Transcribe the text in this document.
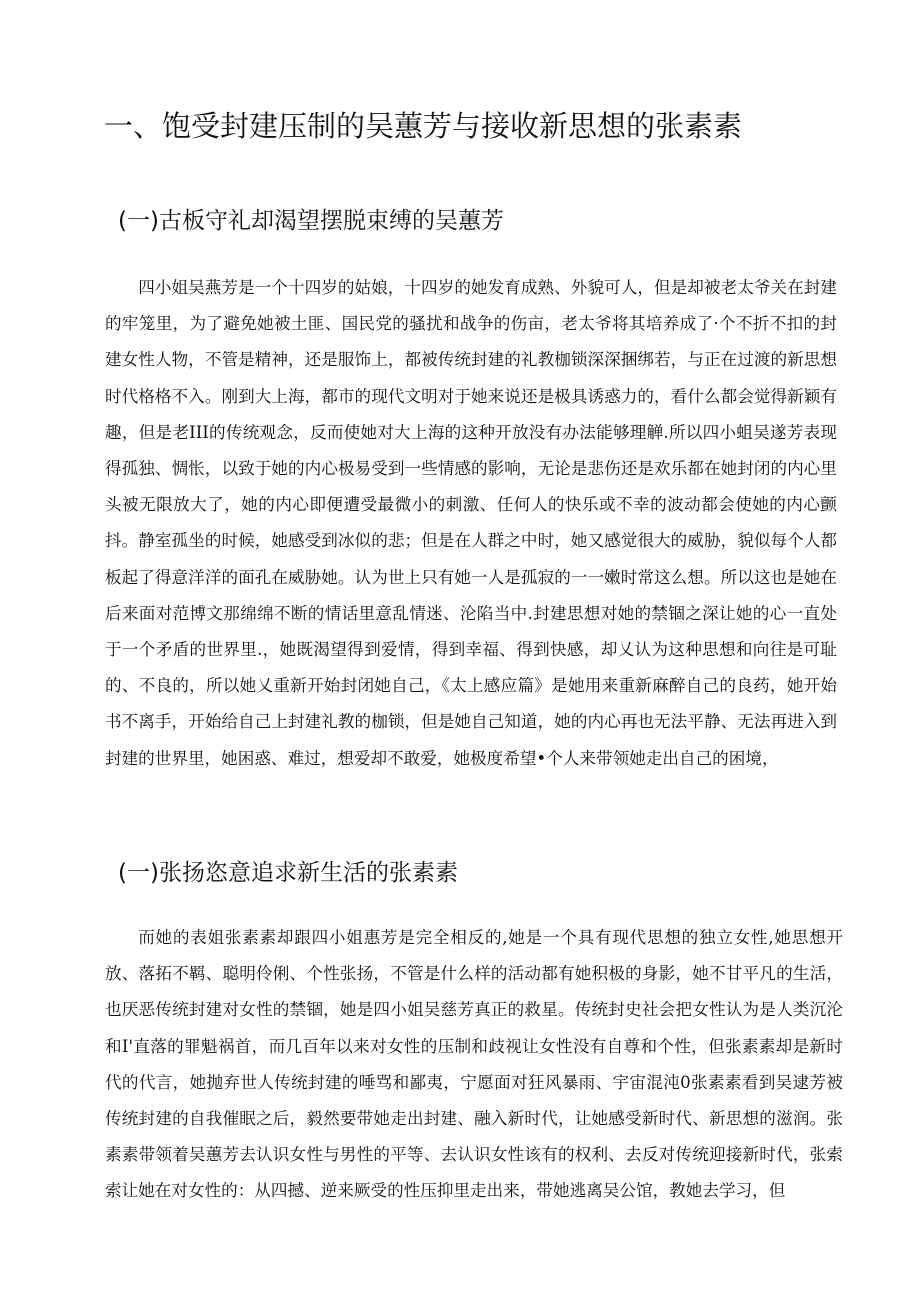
一、饱受封建压制的吴蕙芳与接收新思想的张素素
(一)古板守礼却渴望摆脱束缚的吴蕙芳

四小姐吴燕芳是一个十四岁的姑娘，十四岁的她发育成熟、外貌可人，但是却被老太爷关在封建的牢笼里，为了避免她被土匪、国民党的骚扰和战争的伤亩，老太爷将其培养成了·个不折不扣的封建女性人物，不管是精神，还是服饰上，都被传统封建的礼教枷锁深深捆绑若，与正在过渡的新思想时代格格不入。刚到大上海，都市的现代文明对于她来说还是极具诱惑力的，看什么都会觉得新颖有趣，但是老III的传统观念，反而使她对大上海的这种开放没有办法能够理觯.所以四小蛆吴遂芳表现得孤独、惆怅，以致于她的内心极易受到一些情感的影响，无论是悲伤还是欢乐都在她封闭的内心里头被无限放大了，她的内心即便遭受最微小的刺激、任何人的快乐或不幸的波动都会使她的内心颤抖。静室孤坐的时候，她感受到冰似的悲；但是在人群之中时，她又感觉很大的威胁，貌似每个人都板起了得意洋洋的面孔在威胁她。认为世上只有她一人是孤寂的一一嫩时常这么想。所以这也是她在后来面对范博文那绵绵不断的情话里意乱情迷、沦陷当中.封建思想对她的禁锢之深让她的心一直处于一个矛盾的世界里.，她既渴望得到爱情，得到幸福、得到快感，却乂认为这种思想和向往是可耻的、不良的，所以她乂重新开始封闭她自己，《太上感应篇》是她用来重新麻醉自己的良药，她开始书不离手，开始给自己上封建礼教的枷锁，但是她自己知道，她的内心再也无法平静、无法再进入到封建的世界里，她困惑、难过，想爱却不敢爱，她极度希望•个人来带领她走出自己的困境，

(一)张扬恣意追求新生活的张素素

而她的表姐张素素却跟四小姐惠芳是完全相反的,她是一个具有现代思想的独立女性,她思想开放、落拓不羁、聪明伶俐、个性张扬，不管是什么样的活动都有她积极的身影，她不甘平凡的生活，也厌恶传统封建对女性的禁锢，她是四小姐吴慈芳真正的救星。传统封史社会把女性认为是人类沉沦和I'直落的罪魁祸首，而几百年以来对女性的压制和歧视让女性没有自尊和个性，但张素素却是新时代的代言，她抛弃世人传统封建的唾骂和鄙夷，宁愿面对狂风暴雨、宇宙混沌0张素素看到吴逮芳被传统封建的自我催眠之后，毅然要带她走出封建、融入新时代，让她感受新时代、新思想的滋润。张素素带领着吴蕙芳去认识女性与男性的平等、去认识女性该有的权利、去反对传统迎接新时代，张索索让她在对女性的：从四撼、逆来厥受的性压抑里走出来，带她逃离吴公馆，教她去学习，但
